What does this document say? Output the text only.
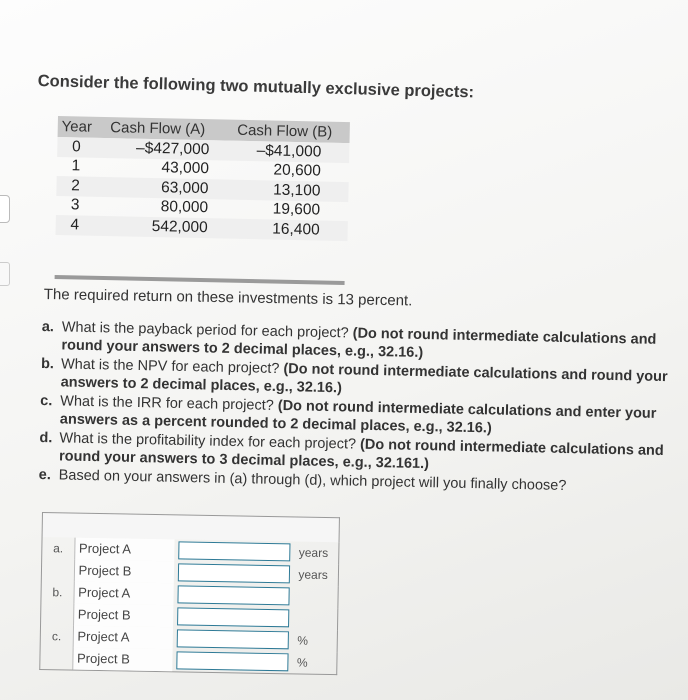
Consider the following two mutually exclusive projects:
Year	Cash Flow (A)	Cash Flow (B)
0	–$427,000	–$41,000
1	43,000	20,600
2	63,000	13,100
3	80,000	19,600
4	542,000	16,400
The required return on these investments is 13 percent.
a. What is the payback period for each project? (Do not round intermediate calculations and round your answers to 2 decimal places, e.g., 32.16.)
b. What is the NPV for each project? (Do not round intermediate calculations and round your answers to 2 decimal places, e.g., 32.16.)
c. What is the IRR for each project? (Do not round intermediate calculations and enter your answers as a percent rounded to 2 decimal places, e.g., 32.16.)
d. What is the profitability index for each project? (Do not round intermediate calculations and round your answers to 3 decimal places, e.g., 32.161.)
e. Based on your answers in (a) through (d), which project will you finally choose?
a.	Project A	years
Project B	years
b.	Project A
Project B
c.	Project A	%
Project B	%
